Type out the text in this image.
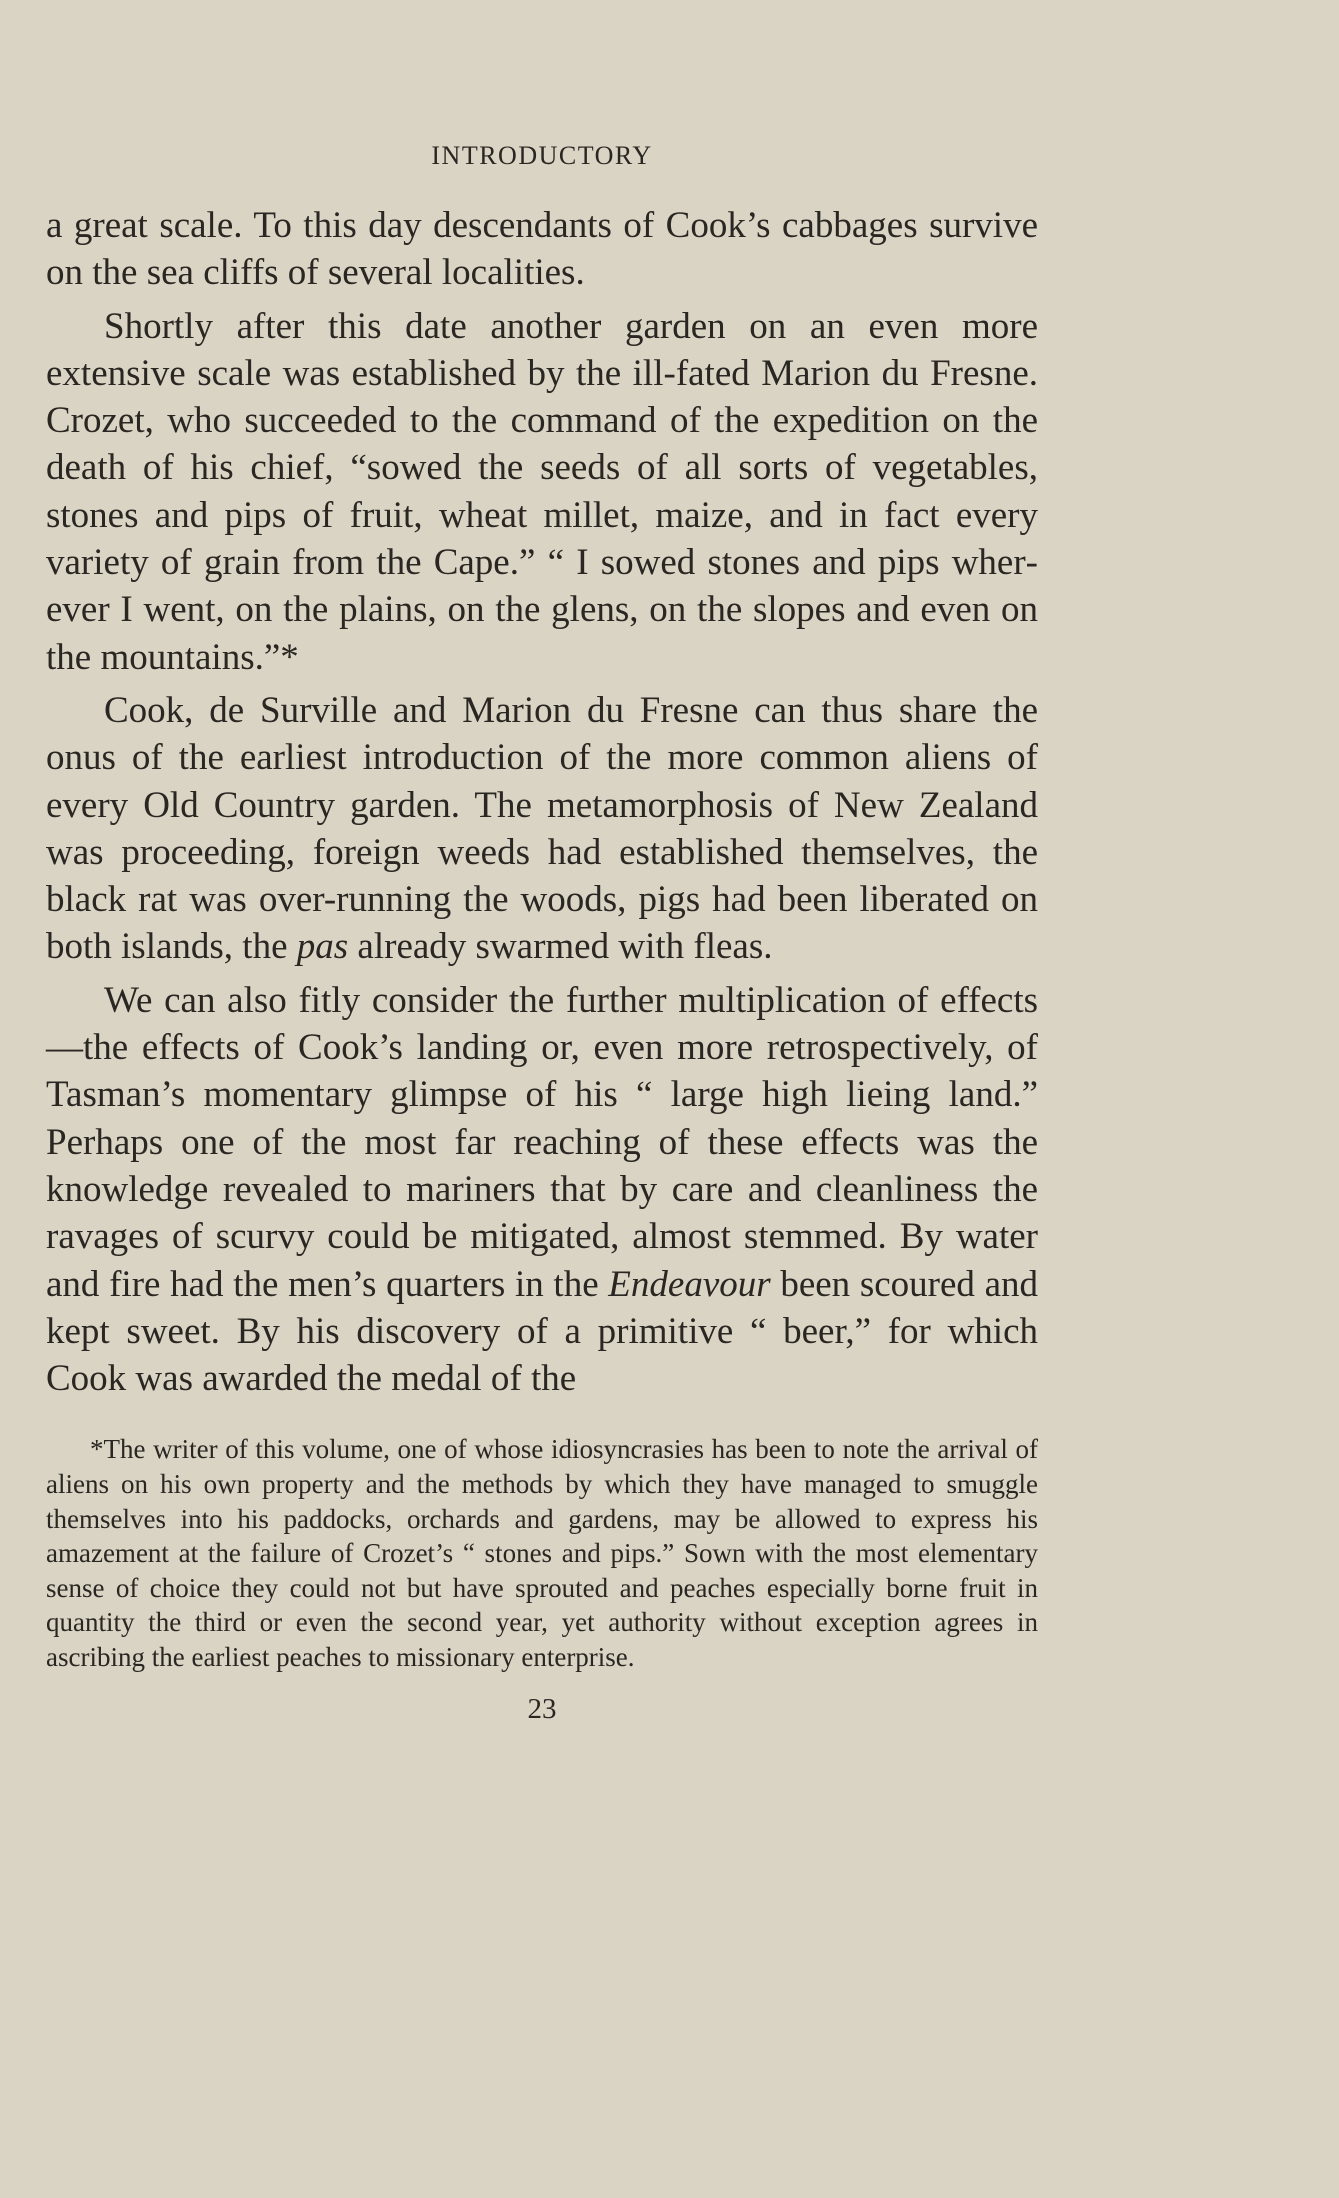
INTRODUCTORY

a great scale. To this day descendants of Cook’s cabbages survive on the sea cliffs of several localities.

Shortly after this date another garden on an even more extensive scale was established by the ill-fated Marion du Fresne. Crozet, who succeeded to the command of the expedition on the death of his chief, “sowed the seeds of all sorts of vegetables, stones and pips of fruit, wheat millet, maize, and in fact every variety of grain from the Cape.” “ I sowed stones and pips wherever I went, on the plains, on the glens, on the slopes and even on the mountains.”*

Cook, de Surville and Marion du Fresne can thus share the onus of the earliest introduction of the more common aliens of every Old Country garden. The metamorphosis of New Zealand was proceeding, foreign weeds had established themselves, the black rat was over-running the woods, pigs had been liberated on both islands, the pas already swarmed with fleas.

We can also fitly consider the further multiplication of effects—the effects of Cook’s landing or, even more retrospectively, of Tasman’s momentary glimpse of his “ large high lieing land.” Perhaps one of the most far reaching of these effects was the knowledge revealed to mariners that by care and cleanliness the ravages of scurvy could be mitigated, almost stemmed. By water and fire had the men’s quarters in the Endeavour been scoured and kept sweet. By his discovery of a primitive “ beer,” for which Cook was awarded the medal of the

*The writer of this volume, one of whose idiosyncrasies has been to note the arrival of aliens on his own property and the methods by which they have managed to smuggle themselves into his paddocks, orchards and gardens, may be allowed to express his amazement at the failure of Crozet’s “ stones and pips.” Sown with the most elementary sense of choice they could not but have sprouted and peaches especially borne fruit in quantity the third or even the second year, yet authority without exception agrees in ascribing the earliest peaches to missionary enterprise.
23
